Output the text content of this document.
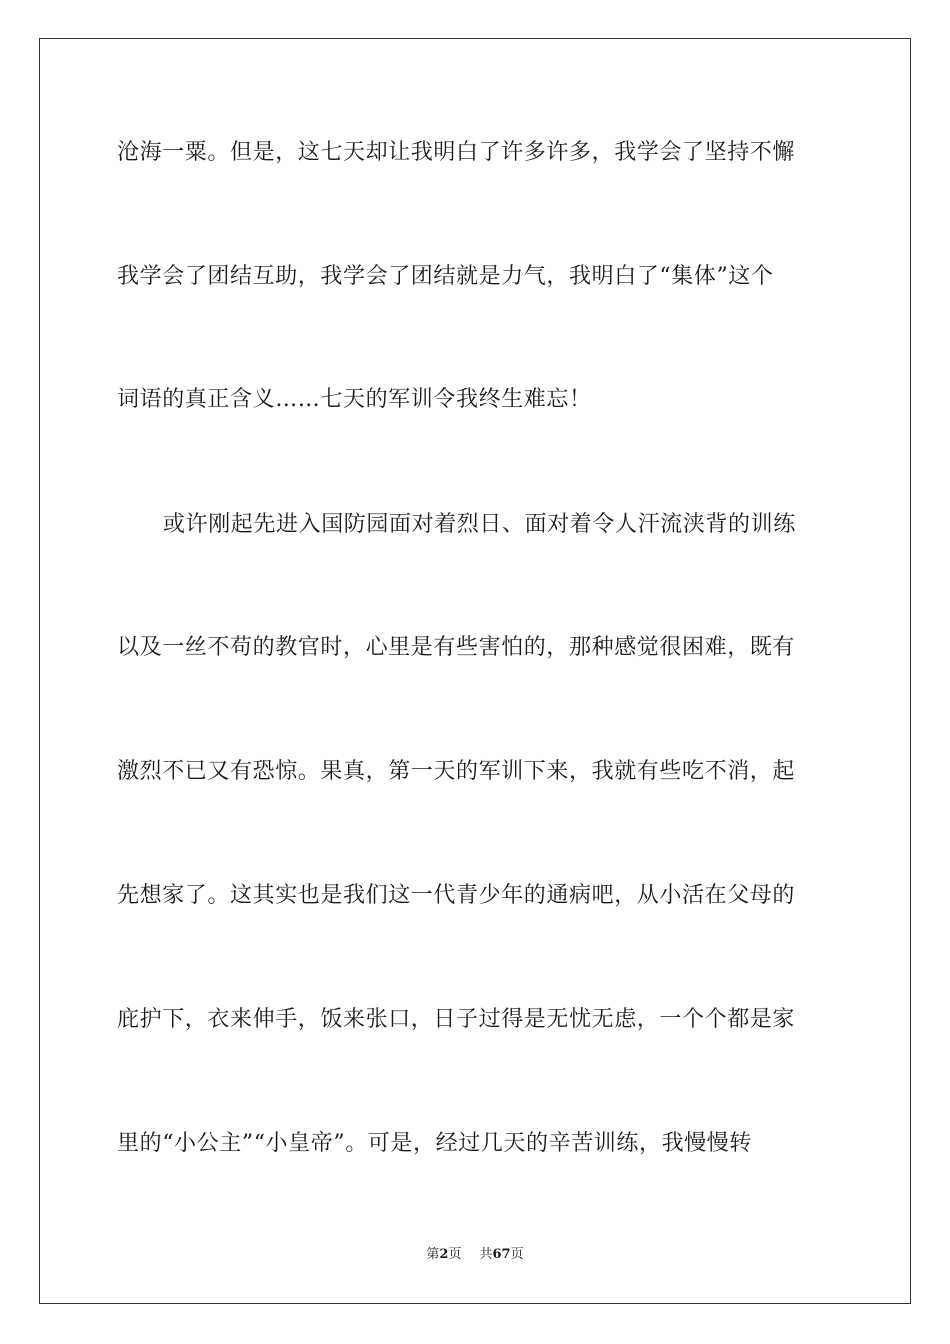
沧海一粟。但是，这七天却让我明白了许多许多，我学会了坚持不懈
我学会了团结互助，我学会了团结就是力气，我明白了“集体”这个
词语的真正含义……七天的军训令我终生难忘！
或许刚起先进入国防园面对着烈日、面对着令人汗流浃背的训练
以及一丝不苟的教官时，心里是有些害怕的，那种感觉很困难，既有
激烈不已又有恐惊。果真，第一天的军训下来，我就有些吃不消，起
先想家了。这其实也是我们这一代青少年的通病吧，从小活在父母的
庇护下，衣来伸手，饭来张口，日子过得是无忧无虑，一个个都是家
里的“小公主”“小皇帝”。可是，经过几天的辛苦训练，我慢慢转
第2页 共67页
